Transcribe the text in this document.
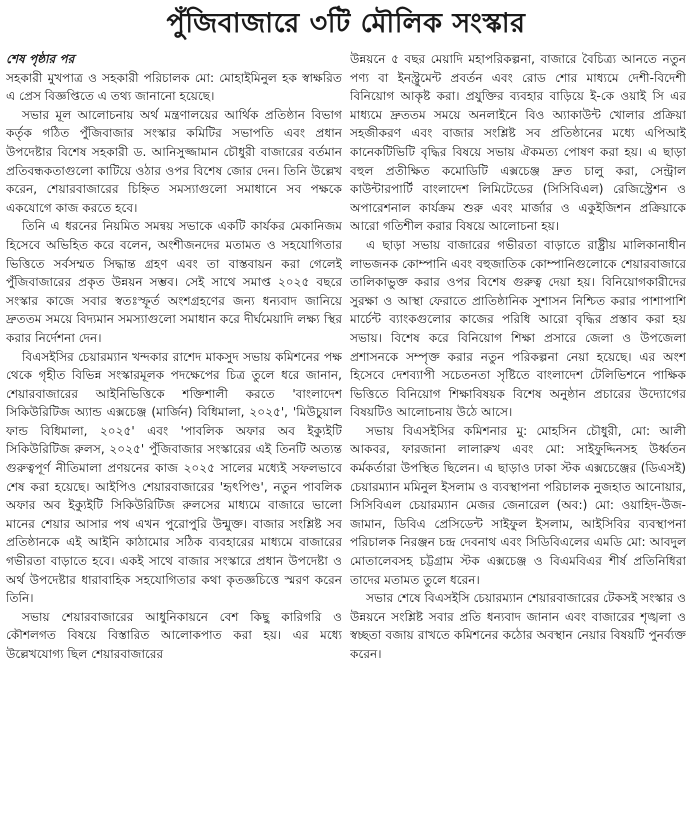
পুঁজিবাজারে ৩টি মৌলিক সংস্কার

শেষ পৃষ্ঠার পর

সহকারী মুখপাত্র ও সহকারী পরিচালক মো: মোহাইমিনুল হক স্বাক্ষরিত এ প্রেস বিজ্ঞপ্তিতে এ তথ্য জানানো হয়েছে।

সভার মূল আলোচনায় অর্থ মন্ত্রণালয়ের আর্থিক প্রতিষ্ঠান বিভাগ কর্তৃক গঠিত পুঁজিবাজার সংস্কার কমিটির সভাপতি এবং প্রধান উপদেষ্টার বিশেষ সহকারী ড. আনিসুজ্জামান চৌধুরী বাজারের বর্তমান প্রতিবন্ধকতাগুলো কাটিয়ে ওঠার ওপর বিশেষ জোর দেন। তিনি উল্লেখ করেন, শেয়ারবাজারের চিহ্নিত সমস্যাগুলো সমাধানে সব পক্ষকে একযোগে কাজ করতে হবে।

তিনি এ ধরনের নিয়মিত সমন্বয় সভাকে একটি কার্যকর মেকানিজম হিসেবে অভিহিত করে বলেন, অংশীজনদের মতামত ও সহযোগিতার ভিত্তিতে সর্বসম্মত সিদ্ধান্ত গ্রহণ এবং তা বাস্তবায়ন করা গেলেই পুঁজিবাজারের প্রকৃত উন্নয়ন সম্ভব। সেই সাথে সমাপ্ত ২০২৫ বছরে সংস্কার কাজে সবার স্বতঃস্ফূর্ত অংশগ্রহণের জন্য ধন্যবাদ জানিয়ে দ্রুততম সময়ে বিদ্যমান সমস্যাগুলো সমাধান করে দীর্ঘমেয়াদি লক্ষ্য স্থির করার নির্দেশনা দেন।

বিএসইসির চেয়ারম্যান খন্দকার রাশেদ মাকসুদ সভায় কমিশনের পক্ষ থেকে গৃহীত বিভিন্ন সংস্কারমূলক পদক্ষেপের চিত্র তুলে ধরে জানান, শেয়ারবাজারের আইনিভিত্তিকে শক্তিশালী করতে 'বাংলাদেশ সিকিউরিটিজ অ্যান্ড এক্সচেঞ্জ (মার্জিন) বিধিমালা, ২০২৫', 'মিউচুয়াল ফান্ড বিধিমালা, ২০২৫' এবং 'পাবলিক অফার অব ইক্যুইটি সিকিউরিটিজ রুলস, ২০২৫' পুঁজিবাজার সংস্কারের এই তিনটি অত্যন্ত গুরুত্বপূর্ণ নীতিমালা প্রণয়নের কাজ ২০২৫ সালের মধ্যেই সফলভাবে শেষ করা হয়েছে। আইপিও শেয়ারবাজারের 'হৃৎপিণ্ড', নতুন পাবলিক অফার অব ইক্যুইটি সিকিউরিটিজ রুলসের মাধ্যমে বাজারে ভালো মানের শেয়ার আসার পথ এখন পুরোপুরি উন্মুক্ত। বাজার সংশ্লিষ্ট সব প্রতিষ্ঠানকে এই আইনি কাঠামোর সঠিক ব্যবহারের মাধ্যমে বাজারের গভীরতা বাড়াতে হবে। একই সাথে বাজার সংস্কারে প্রধান উপদেষ্টা ও অর্থ উপদেষ্টার ধারাবাহিক সহযোগিতার কথা কৃতজ্ঞচিত্তে স্মরণ করেন তিনি।

সভায় শেয়ারবাজারের আধুনিকায়নে বেশ কিছু কারিগরি ও কৌশলগত বিষয়ে বিস্তারিত আলোকপাত করা হয়। এর মধ্যে উল্লেখযোগ্য ছিল শেয়ারবাজারের

উন্নয়নে ৫ বছর মেয়াদি মহাপরিকল্পনা, বাজারে বৈচিত্র্য আনতে নতুন পণ্য বা ইনস্ট্রুমেন্ট প্রবর্তন এবং রোড শোর মাধ্যমে দেশী-বিদেশী বিনিয়োগ আকৃষ্ট করা। প্রযুক্তির ব্যবহার বাড়িয়ে ই-কে ওয়াই সি এর মাধ্যমে দ্রুততম সময়ে অনলাইনে বিও অ্যাকাউন্ট খোলার প্রক্রিয়া সহজীকরণ এবং বাজার সংশ্লিষ্ট সব প্রতিষ্ঠানের মধ্যে এপিআই কানেকটিভিটি বৃদ্ধির বিষয়ে সভায় ঐকমত্য পোষণ করা হয়। এ ছাড়া বহুল প্রতীক্ষিত কমোডিটি এক্সচেঞ্জ দ্রুত চালু করা, সেন্ট্রাল কাউন্টারপার্টি বাংলাদেশ লিমিটেডের (সিসিবিএল) রেজিস্ট্রেশন ও অপারেশনাল কার্যক্রম শুরু এবং মার্জার ও একুইজিশন প্রক্রিয়াকে আরো গতিশীল করার বিষয়ে আলোচনা হয়।

এ ছাড়া সভায় বাজারের গভীরতা বাড়াতে রাষ্ট্রীয় মালিকানাধীন লাভজনক কোম্পানি এবং বহুজাতিক কোম্পানিগুলোকে শেয়ারবাজারে তালিকাভুক্ত করার ওপর বিশেষ গুরুত্ব দেয়া হয়। বিনিয়োগকারীদের সুরক্ষা ও আস্থা ফেরাতে প্রাতিষ্ঠানিক সুশাসন নিশ্চিত করার পাশাপাশি মার্চেন্ট ব্যাংকগুলোর কাজের পরিধি আরো বৃদ্ধির প্রস্তাব করা হয় সভায়। বিশেষ করে বিনিয়োগ শিক্ষা প্রসারে জেলা ও উপজেলা প্রশাসনকে সম্পৃক্ত করার নতুন পরিকল্পনা নেয়া হয়েছে। এর অংশ হিসেবে দেশব্যাপী সচেতনতা সৃষ্টিতে বাংলাদেশ টেলিভিশনে পাক্ষিক ভিত্তিতে বিনিয়োগ শিক্ষাবিষয়ক বিশেষ অনুষ্ঠান প্রচারের উদ্যোগের বিষয়টিও আলোচনায় উঠে আসে।

সভায় বিএসইসির কমিশনার মু: মোহসিন চৌধুরী, মো: আলী আকবর, ফারজানা লালারুখ এবং মো: সাইফুদ্দিনসহ উর্ধ্বতন কর্মকর্তারা উপস্থিত ছিলেন। এ ছাড়াও ঢাকা স্টক এক্সচেঞ্জের (ডিএসই) চেয়ারম্যান মমিনুল ইসলাম ও ব্যবস্থাপনা পরিচালক নুজহাত আনোয়ার, সিসিবিএল চেয়ারম্যান মেজর জেনারেল (অব:) মো: ওয়াহিদ-উজ-জামান, ডিবিএ প্রেসিডেন্ট সাইফুল ইসলাম, আইসিবির ব্যবস্থাপনা পরিচালক নিরঞ্জন চন্দ্র দেবনাথ এবং সিডিবিএলের এমডি মো: আবদুল মোতালেবসহ চট্টগ্রাম স্টক এক্সচেঞ্জ ও বিএমবিএর শীর্ষ প্রতিনিধিরা তাদের মতামত তুলে ধরেন।

সভার শেষে বিএসইসি চেয়ারম্যান শেয়ারবাজারের টেকসই সংস্কার ও উন্নয়নে সংশ্লিষ্ট সবার প্রতি ধন্যবাদ জানান এবং বাজারের শৃঙ্খলা ও স্বচ্ছতা বজায় রাখতে কমিশনের কঠোর অবস্থান নেয়ার বিষয়টি পুনর্ব্যক্ত করেন।
